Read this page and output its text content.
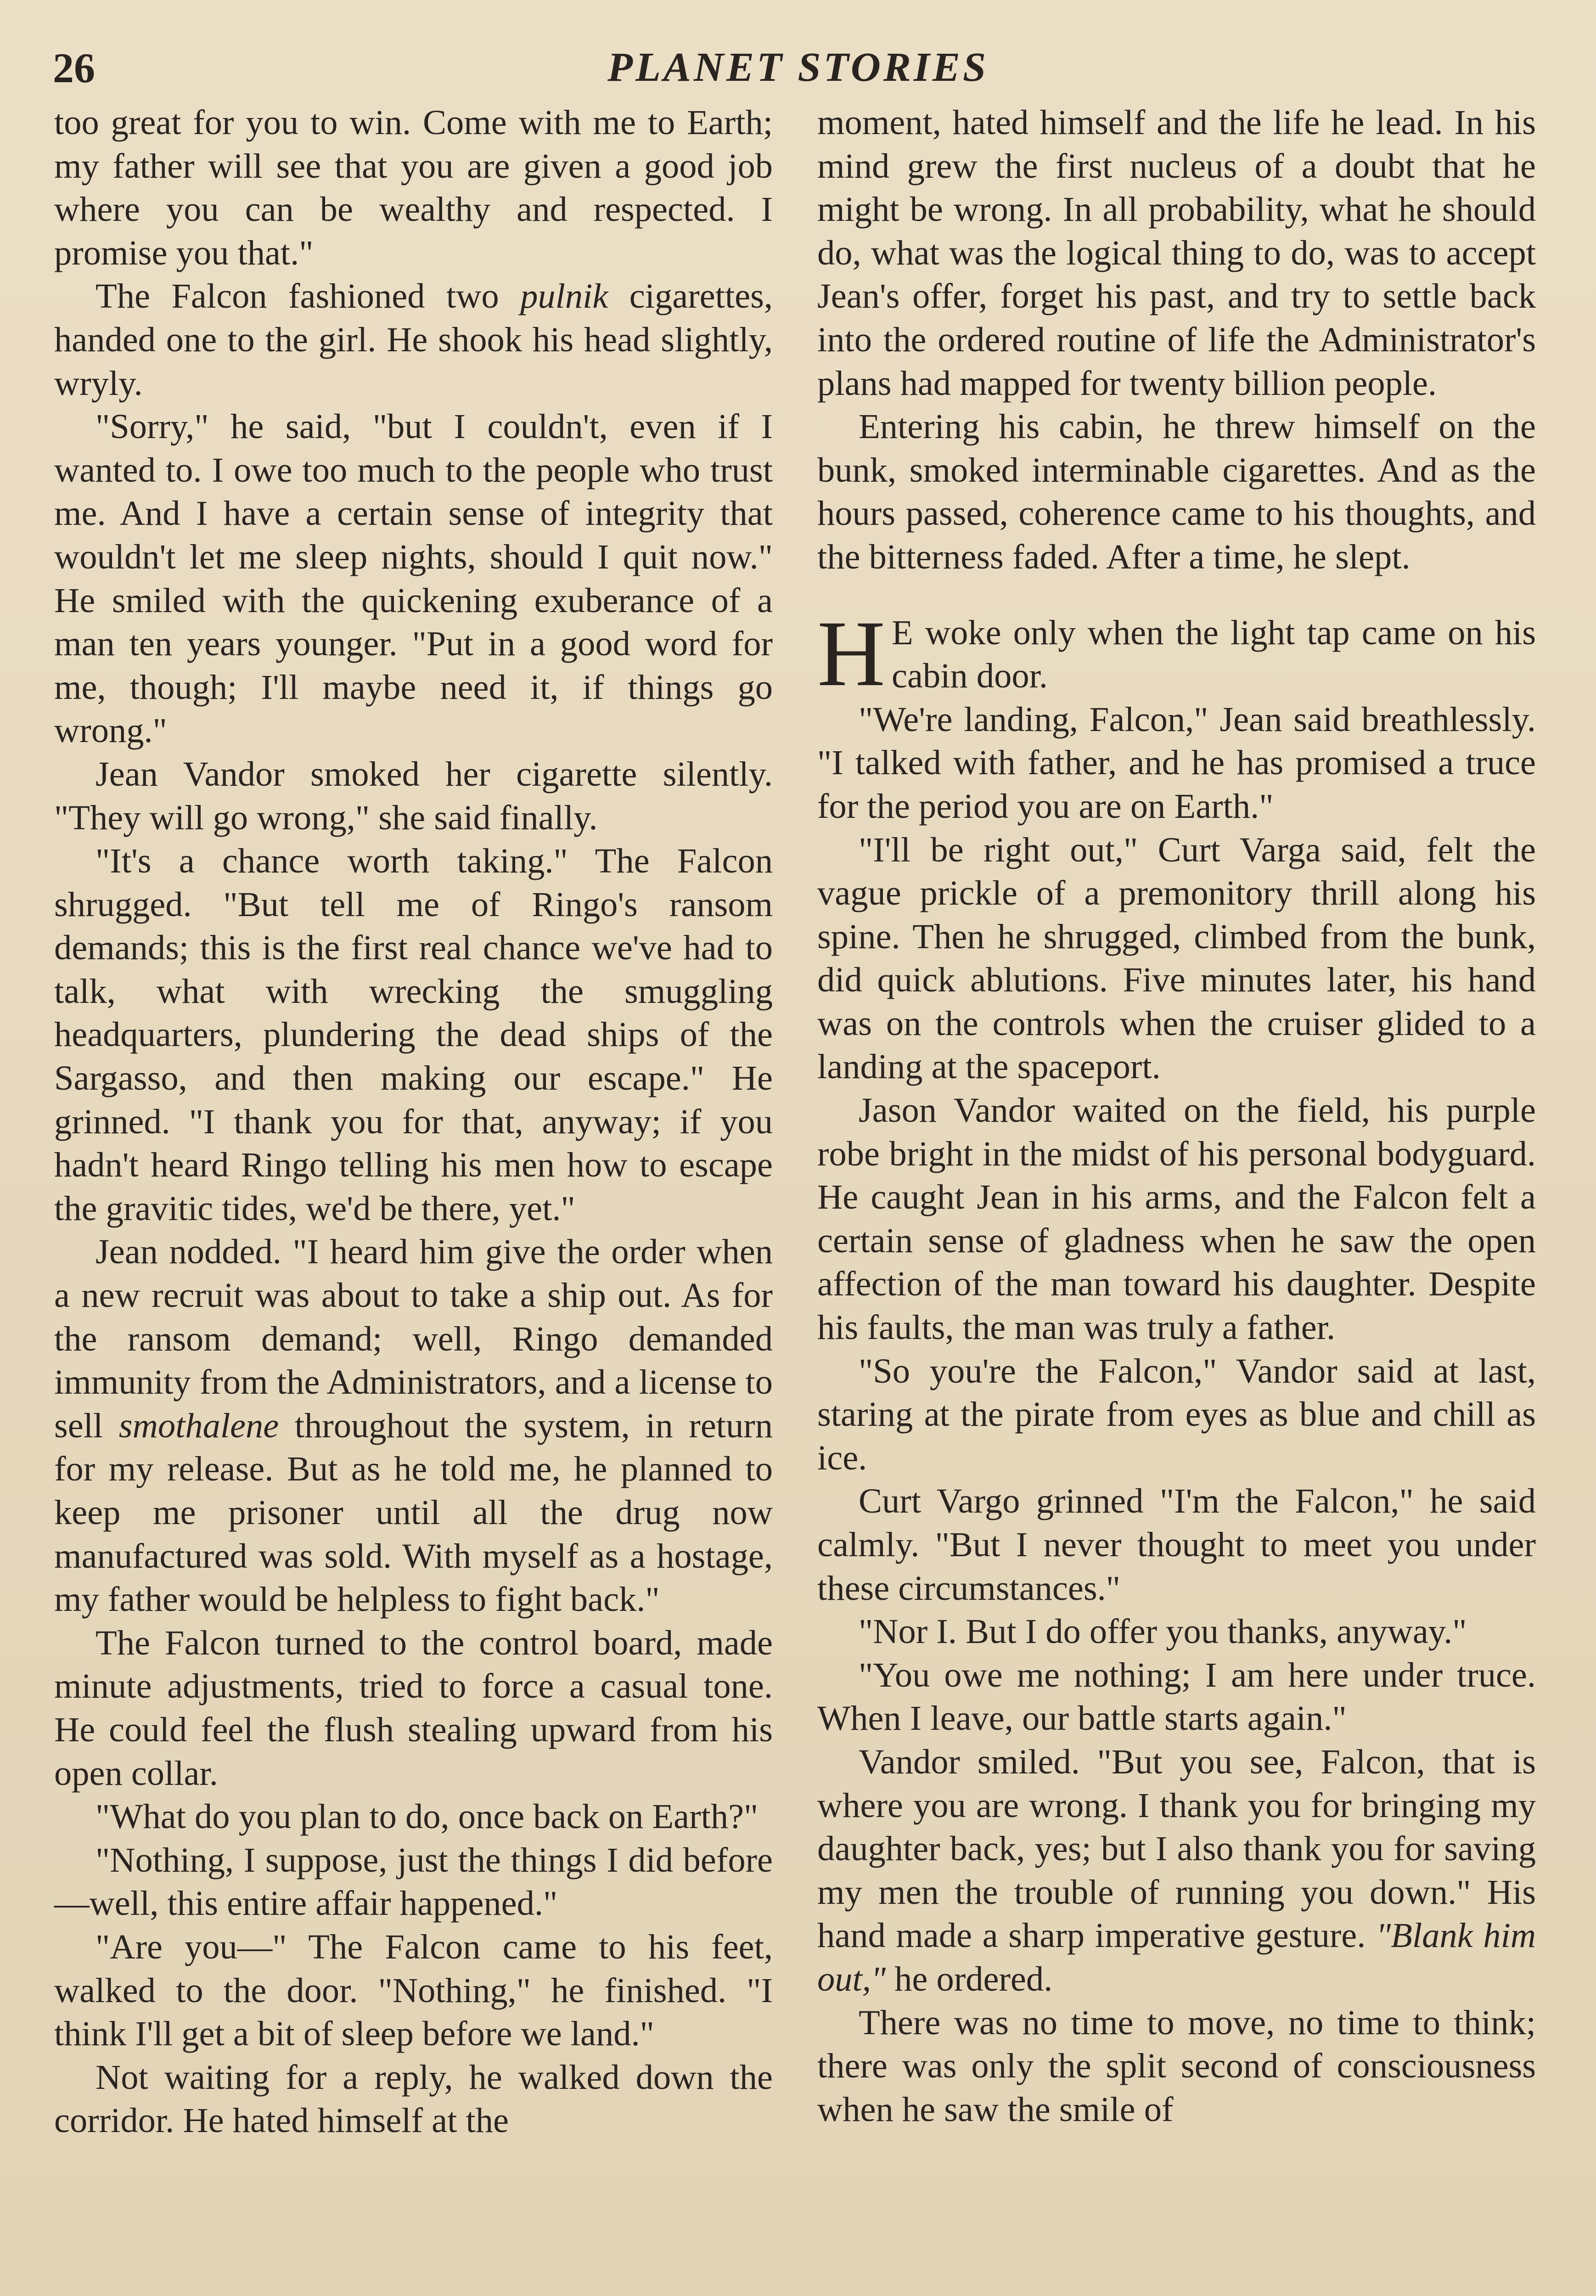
26	PLANET STORIES

too great for you to win. Come with me to Earth; my father will see that you are given a good job where you can be wealthy and respected. I promise you that."

The Falcon fashioned two pulnik cigarettes, handed one to the girl. He shook his head slightly, wryly.

"Sorry," he said, "but I couldn't, even if I wanted to. I owe too much to the people who trust me. And I have a certain sense of integrity that wouldn't let me sleep nights, should I quit now." He smiled with the quickening exuberance of a man ten years younger. "Put in a good word for me, though; I'll maybe need it, if things go wrong."

Jean Vandor smoked her cigarette silently. "They will go wrong," she said finally.

"It's a chance worth taking." The Falcon shrugged. "But tell me of Ringo's ransom demands; this is the first real chance we've had to talk, what with wrecking the smuggling headquarters, plundering the dead ships of the Sargasso, and then making our escape." He grinned. "I thank you for that, anyway; if you hadn't heard Ringo telling his men how to escape the gravitic tides, we'd be there, yet."

Jean nodded. "I heard him give the order when a new recruit was about to take a ship out. As for the ransom demand; well, Ringo demanded immunity from the Administrators, and a license to sell smothalene throughout the system, in return for my release. But as he told me, he planned to keep me prisoner until all the drug now manufactured was sold. With myself as a hostage, my father would be helpless to fight back."

The Falcon turned to the control board, made minute adjustments, tried to force a casual tone. He could feel the flush stealing upward from his open collar.

"What do you plan to do, once back on Earth?"

"Nothing, I suppose, just the things I did before—well, this entire affair happened."

"Are you—" The Falcon came to his feet, walked to the door. "Nothing," he finished. "I think I'll get a bit of sleep before we land."

Not waiting for a reply, he walked down the corridor. He hated himself at the

moment, hated himself and the life he lead. In his mind grew the first nucleus of a doubt that he might be wrong. In all probability, what he should do, what was the logical thing to do, was to accept Jean's offer, forget his past, and try to settle back into the ordered routine of life the Administrator's plans had mapped for twenty billion people.

Entering his cabin, he threw himself on the bunk, smoked interminable cigarettes. And as the hours passed, coherence came to his thoughts, and the bitterness faded. After a time, he slept.

H E woke only when the light tap came on his cabin door.

"We're landing, Falcon," Jean said breathlessly. "I talked with father, and he has promised a truce for the period you are on Earth."

"I'll be right out," Curt Varga said, felt the vague prickle of a premonitory thrill along his spine. Then he shrugged, climbed from the bunk, did quick ablutions. Five minutes later, his hand was on the controls when the cruiser glided to a landing at the spaceport.

Jason Vandor waited on the field, his purple robe bright in the midst of his personal bodyguard. He caught Jean in his arms, and the Falcon felt a certain sense of gladness when he saw the open affection of the man toward his daughter. Despite his faults, the man was truly a father.

"So you're the Falcon," Vandor said at last, staring at the pirate from eyes as blue and chill as ice.

Curt Vargo grinned "I'm the Falcon," he said calmly. "But I never thought to meet you under these circumstances."

"Nor I. But I do offer you thanks, anyway."

"You owe me nothing; I am here under truce. When I leave, our battle starts again."

Vandor smiled. "But you see, Falcon, that is where you are wrong. I thank you for bringing my daughter back, yes; but I also thank you for saving my men the trouble of running you down." His hand made a sharp imperative gesture. "Blank him out," he ordered.

There was no time to move, no time to think; there was only the split second of consciousness when he saw the smile of
